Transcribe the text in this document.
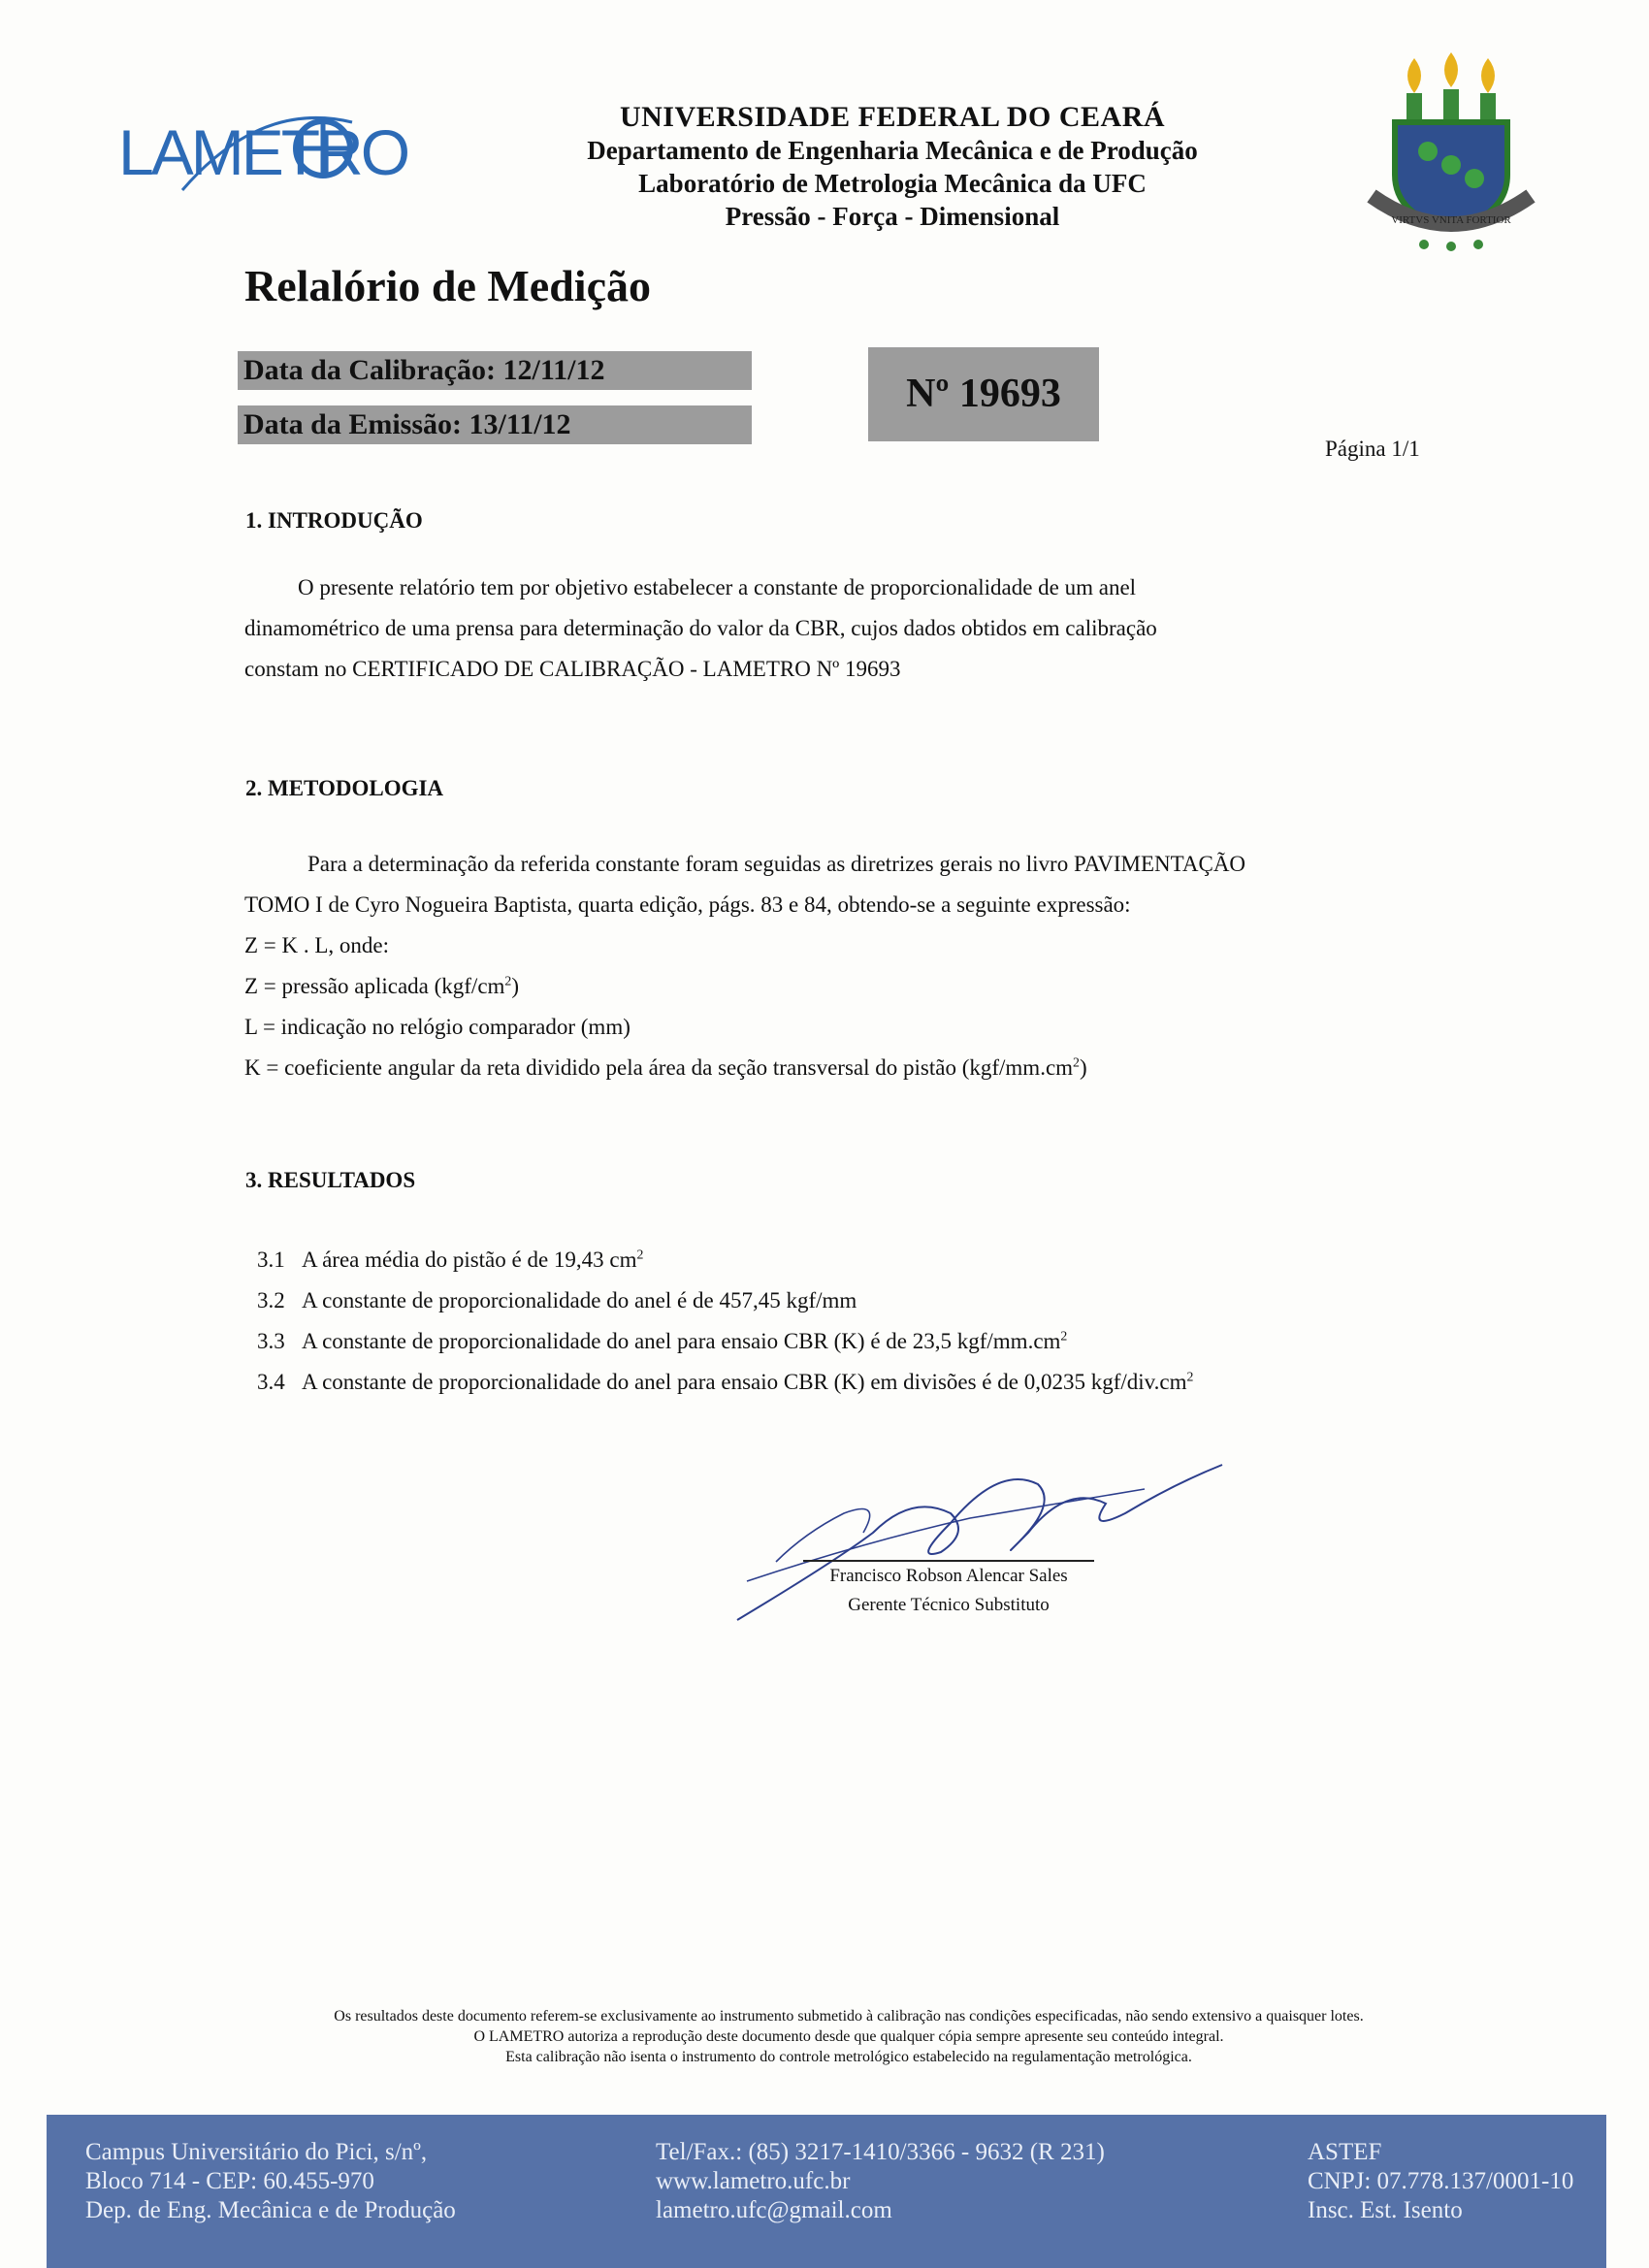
LAMETRO	UNIVERSIDADE FEDERAL DO CEARÁ
Departamento de Engenharia Mecânica e de Produção
Laboratório de Metrologia Mecânica da UFC
Pressão - Força - Dimensional	VIRTVS VNITA FORTIOR
Relalório de Medição
Data da Calibração: 12/11/12
Data da Emissão: 13/11/12
Nº 19693
Página 1/1
1. INTRODUÇÃO
O presente relatório tem por objetivo estabelecer a constante de proporcionalidade de um anel
dinamométrico de uma prensa para determinação do valor da CBR, cujos dados obtidos em calibração
constam no CERTIFICADO DE CALIBRAÇÃO - LAMETRO Nº 19693
2. METODOLOGIA
Para a determinação da referida constante foram seguidas as diretrizes gerais no livro PAVIMENTAÇÃO
TOMO I de Cyro Nogueira Baptista, quarta edição, págs. 83 e 84, obtendo-se a seguinte expressão:
Z = K . L, onde:
Z = pressão aplicada $(kgf/cm^2)$
L = indicação no relógio comparador (mm)
K = coeficiente angular da reta dividido pela área da seção transversal do pistão $(kgf/mm.cm^2)$
3. RESULTADOS
3.1 A área média do pistão é de 19,43 $cm^2$
3.2 A constante de proporcionalidade do anel é de 457,45 kgf/mm
3.3 A constante de proporcionalidade do anel para ensaio CBR (K) é de 23,5 kgf/$mm.cm^2$
3.4 A constante de proporcionalidade do anel para ensaio CBR (K) em divisões é de 0,0235 kgf/$div.cm^2$
Francisco Robson Alencar Sales
Gerente Técnico Substituto
Os resultados deste documento referem-se exclusivamente ao instrumento submetido à calibração nas condições especificadas, não sendo extensivo a quaisquer lotes.
O LAMETRO autoriza a reprodução deste documento desde que qualquer cópia sempre apresente seu conteúdo integral.
Esta calibração não isenta o instrumento do controle metrológico estabelecido na regulamentação metrológica.
Campus Universitário do Pici, s/nº,
Bloco 714 - CEP: 60.455-970
Dep. de Eng. Mecânica e de Produção
Tel/Fax.: (85) 3217-1410/3366 - 9632 (R 231)
www.lametro.ufc.br
lametro.ufc@gmail.com
ASTEF
CNPJ: 07.778.137/0001-10
Insc. Est. Isento
